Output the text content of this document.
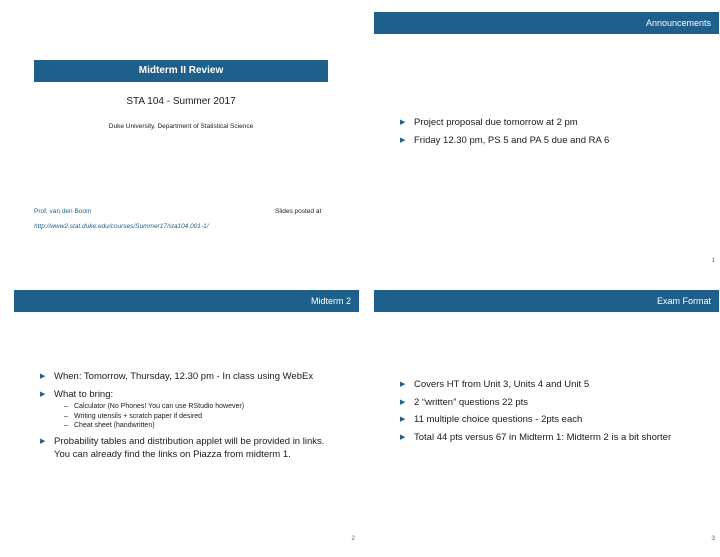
Midterm II Review
STA 104 - Summer 2017
Duke University, Department of Statistical Science
Prof. van den Boom	Slides posted at
http://www2.stat.duke.edu/courses/Summer17/sta104.001-1/
Announcements
▶ Project proposal due tomorrow at 2 pm
▶ Friday 12.30 pm, PS 5 and PA 5 due and RA 6
1
Midterm 2
▶ When: Tomorrow, Thursday, 12.30 pm - In class using WebEx
▶ What to bring:
– Calculator (No Phones! You can use RStudio however)
– Writing utensils + scratch paper if desired
– Cheat sheet (handwritten)
▶ Probability tables and distribution applet will be provided in links. You can already find the links on Piazza from midterm 1.
2
Exam Format
▶ Covers HT from Unit 3, Units 4 and Unit 5
▶ 2 “written” questions 22 pts
▶ 11 multiple choice questions - 2pts each
▶ Total 44 pts versus 67 in Midterm 1: Midterm 2 is a bit shorter
3
